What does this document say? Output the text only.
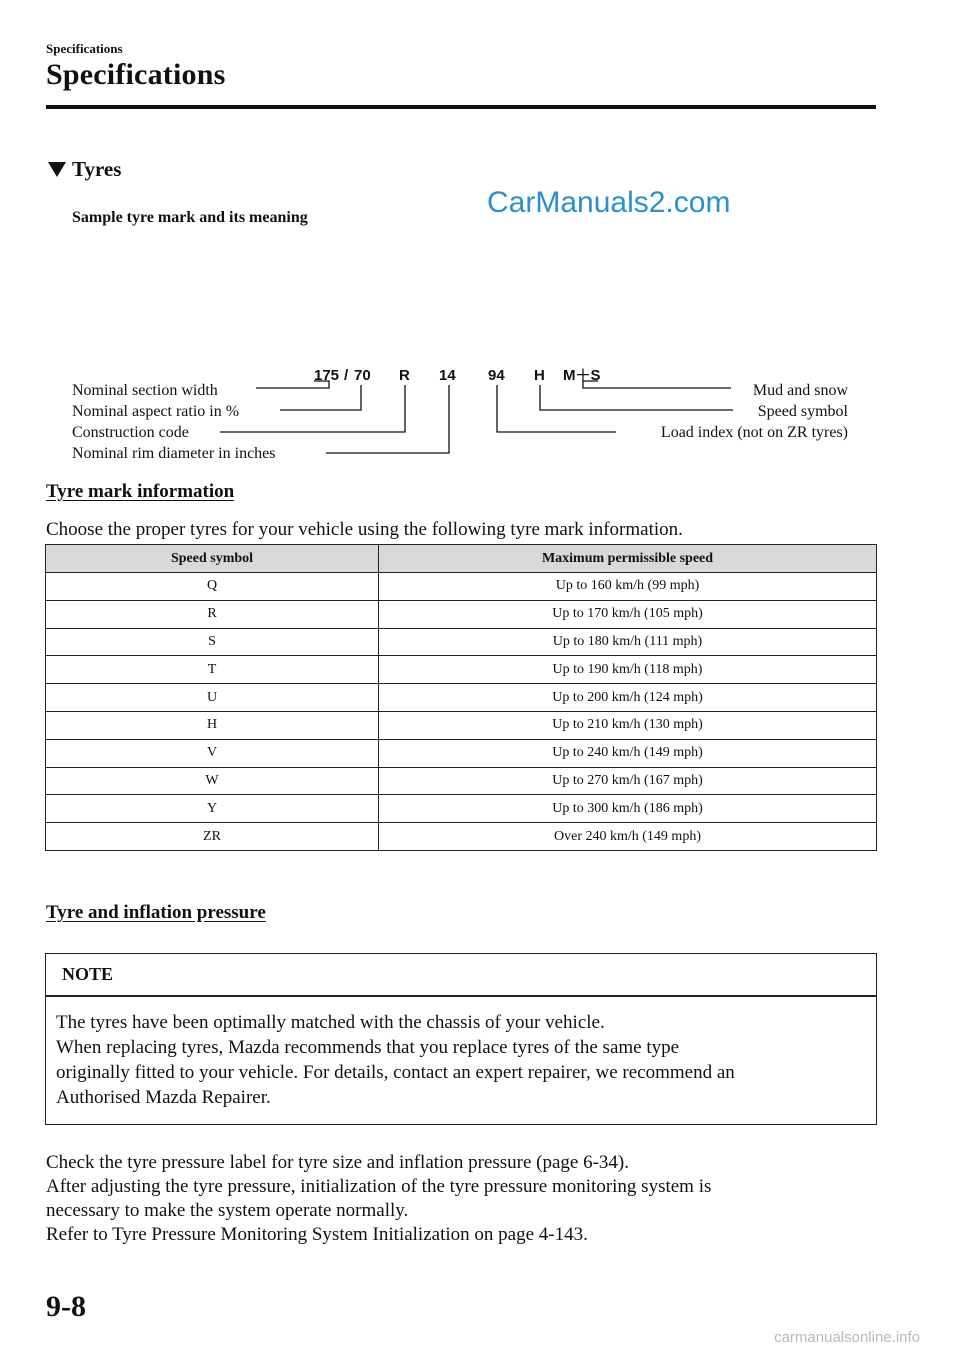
Specifications
Specifications
Tyres
Sample tyre mark and its meaning	CarManuals2.com
175 / 70 R 14 94 H M＋S
Nominal section width
Nominal aspect ratio in %
Construction code
Nominal rim diameter in inches
Mud and snow
Speed symbol
Load index (not on ZR tyres)
Tyre mark information
Choose the proper tyres for your vehicle using the following tyre mark information.
Speed symbol	Maximum permissible speed
Q	Up to 160 km/h (99 mph)
R	Up to 170 km/h (105 mph)
S	Up to 180 km/h (111 mph)
T	Up to 190 km/h (118 mph)
U	Up to 200 km/h (124 mph)
H	Up to 210 km/h (130 mph)
V	Up to 240 km/h (149 mph)
W	Up to 270 km/h (167 mph)
Y	Up to 300 km/h (186 mph)
ZR	Over 240 km/h (149 mph)
Tyre and inflation pressure
NOTE
The tyres have been optimally matched with the chassis of your vehicle.
When replacing tyres, Mazda recommends that you replace tyres of the same type
originally fitted to your vehicle. For details, contact an expert repairer, we recommend an
Authorised Mazda Repairer.
Check the tyre pressure label for tyre size and inflation pressure (page 6-34).
After adjusting the tyre pressure, initialization of the tyre pressure monitoring system is
necessary to make the system operate normally.
Refer to Tyre Pressure Monitoring System Initialization on page 4-143.
9-8
carmanualsonline.info
